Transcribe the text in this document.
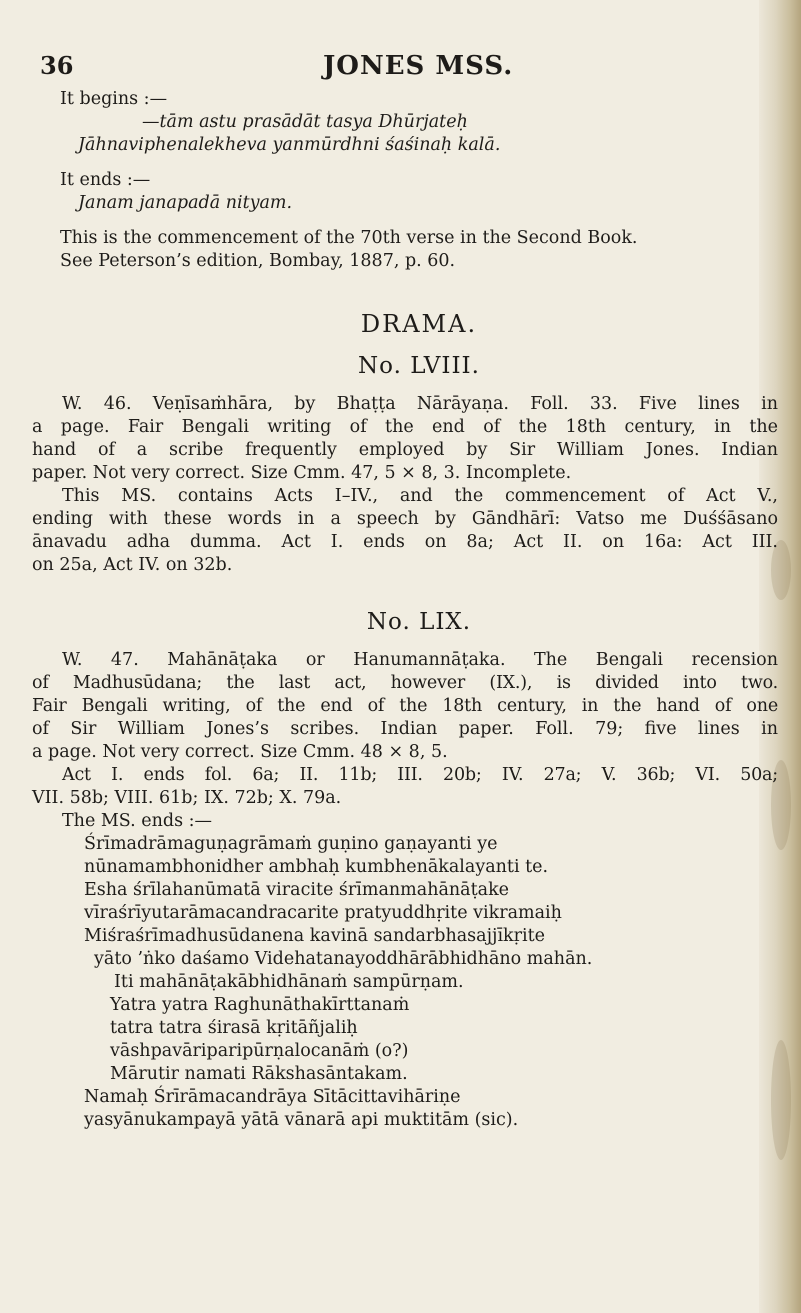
36	JONES MSS.
It begins :—
—tām astu prasādāt tasya Dhūrjateḥ
Jāhnaviphenalekheva yanmūrdhni śaśinaḥ kalā.
It ends :—
Janam janapadā nityam.
This is the commencement of the 70th verse in the Second Book.
See Peterson’s edition, Bombay, 1887, p. 60.
DRAMA.
No. LVIII.
W. 46. Veṇīsaṁhāra, by Bhaṭṭa Nārāyaṇa. Foll. 33. Five lines in
a page. Fair Bengali writing of the end of the 18th century, in the
hand of a scribe frequently employed by Sir William Jones. Indian
paper. Not very correct. Size Cmm. 47, 5 × 8, 3. Incomplete.
This MS. contains Acts I–IV., and the commencement of Act V.,
ending with these words in a speech by Gāndhārī: Vatso me Duśśāsano
ānavadu adha dumma. Act I. ends on 8a; Act II. on 16a: Act III.
on 25a, Act IV. on 32b.
No. LIX.
W. 47. Mahānāṭaka or Hanumannāṭaka. The Bengali recension
of Madhusūdana; the last act, however (IX.), is divided into two.
Fair Bengali writing, of the end of the 18th century, in the hand of one
of Sir William Jones’s scribes. Indian paper. Foll. 79; five lines in
a page. Not very correct. Size Cmm. 48 × 8, 5.
Act I. ends fol. 6a; II. 11b; III. 20b; IV. 27a; V. 36b; VI. 50a;
VII. 58b; VIII. 61b; IX. 72b; X. 79a.
The MS. ends :—
Śrīmadrāmaguṇagrāmaṁ guṇino gaṇayanti ye
nūnamambhonidher ambhaḥ kumbhenākalayanti te.
Esha śrīlahanūmatā viracite śrīmanmahānāṭake
vīraśrīyutarāmacandracarite pratyuddhṛite vikramaiḥ
Miśraśrīmadhusūdanena kavinā sandarbhasajjīkṛite
yāto ’ṅko daśamo Videhatanayoddhārābhidhāno mahān.
Iti mahānāṭakābhidhānaṁ sampūrṇam.
Yatra yatra Raghunāthakīrttanaṁ
tatra tatra śirasā kṛitāñjaliḥ
vāshpavāriparipūrṇalocanāṁ (o?)
Mārutir namati Rākshasāntakam.
Namaḥ Śrīrāmacandrāya Sītācittavihāriṇe
yasyānukampayā yātā vānarā api muktitām (sic).
